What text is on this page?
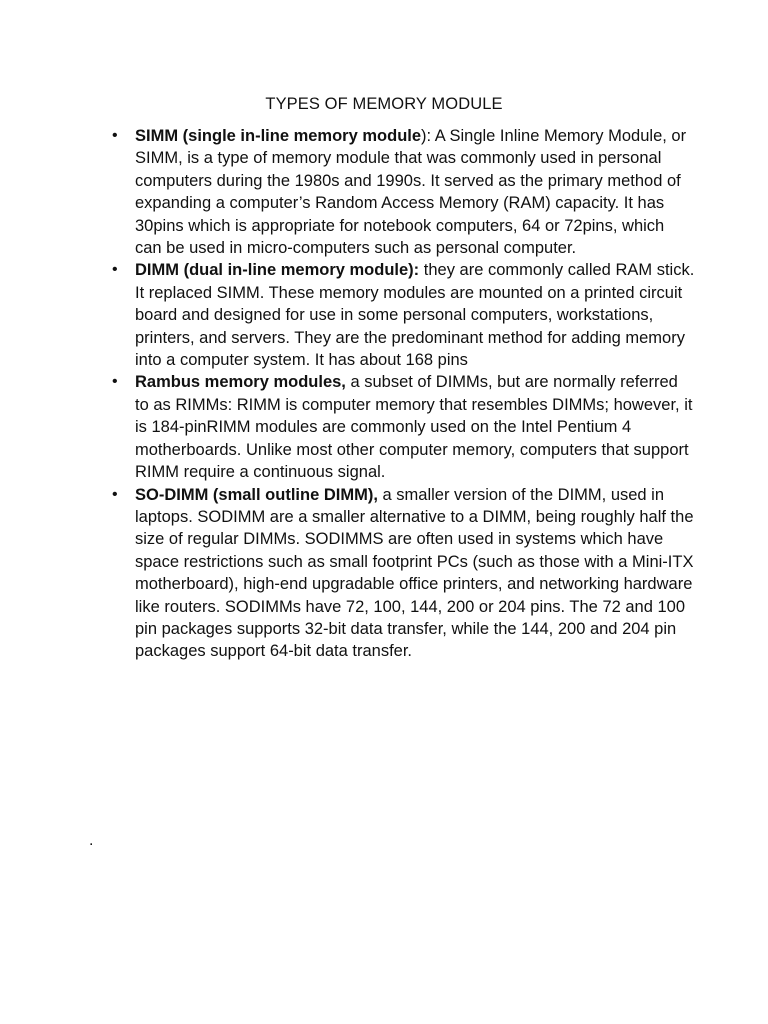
TYPES OF MEMORY MODULE
• SIMM (single in-line memory module): A Single Inline Memory Module, or SIMM, is a type of memory module that was commonly used in personal computers during the 1980s and 1990s. It served as the primary method of expanding a computer’s Random Access Memory (RAM) capacity. It has 30pins which is appropriate for notebook computers, 64 or 72pins, which can be used in micro-computers such as personal computer.
• DIMM (dual in-line memory module): they are commonly called RAM stick. It replaced SIMM. These memory modules are mounted on a printed circuit board and designed for use in some personal computers, workstations, printers, and servers. They are the predominant method for adding memory into a computer system. It has about 168 pins
• Rambus memory modules, a subset of DIMMs, but are normally referred to as RIMMs: RIMM is computer memory that resembles DIMMs; however, it is 184-pinRIMM modules are commonly used on the Intel Pentium 4 motherboards. Unlike most other computer memory, computers that support RIMM require a continuous signal.
• SO-DIMM (small outline DIMM), a smaller version of the DIMM, used in laptops. SODIMM are a smaller alternative to a DIMM, being roughly half the size of regular DIMMs. SODIMMS are often used in systems which have space restrictions such as small footprint PCs (such as those with a Mini-ITX motherboard), high-end upgradable office printers, and networking hardware like routers. SODIMMs have 72, 100, 144, 200 or 204 pins. The 72 and 100 pin packages supports 32-bit data transfer, while the 144, 200 and 204 pin packages support 64-bit data transfer.
.
